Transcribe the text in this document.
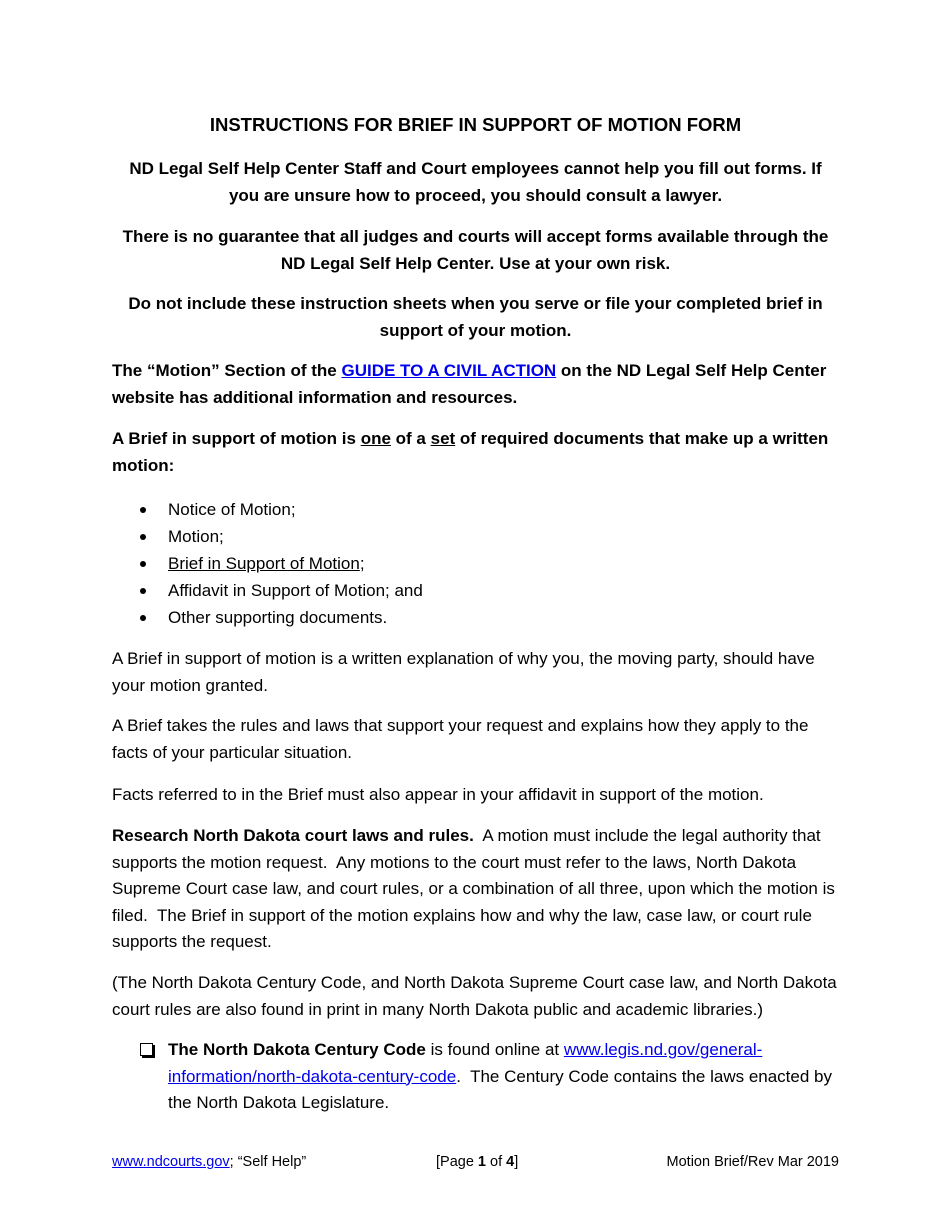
INSTRUCTIONS FOR BRIEF IN SUPPORT OF MOTION FORM
ND Legal Self Help Center Staff and Court employees cannot help you fill out forms. If you are unsure how to proceed, you should consult a lawyer.
There is no guarantee that all judges and courts will accept forms available through the ND Legal Self Help Center. Use at your own risk.
Do not include these instruction sheets when you serve or file your completed brief in support of your motion.
The “Motion” Section of the GUIDE TO A CIVIL ACTION on the ND Legal Self Help Center website has additional information and resources.
A Brief in support of motion is one of a set of required documents that make up a written motion:
Notice of Motion;
Motion;
Brief in Support of Motion;
Affidavit in Support of Motion; and
Other supporting documents.
A Brief in support of motion is a written explanation of why you, the moving party, should have your motion granted.
A Brief takes the rules and laws that support your request and explains how they apply to the facts of your particular situation.
Facts referred to in the Brief must also appear in your affidavit in support of the motion.
Research North Dakota court laws and rules.  A motion must include the legal authority that supports the motion request.  Any motions to the court must refer to the laws, North Dakota Supreme Court case law, and court rules, or a combination of all three, upon which the motion is filed.  The Brief in support of the motion explains how and why the law, case law, or court rule supports the request.
(The North Dakota Century Code, and North Dakota Supreme Court case law, and North Dakota court rules are also found in print in many North Dakota public and academic libraries.)
The North Dakota Century Code is found online at www.legis.nd.gov/general-information/north-dakota-century-code.  The Century Code contains the laws enacted by the North Dakota Legislature.
www.ndcourts.gov; “Self Help”	[Page 1 of 4]	Motion Brief/Rev Mar 2019
